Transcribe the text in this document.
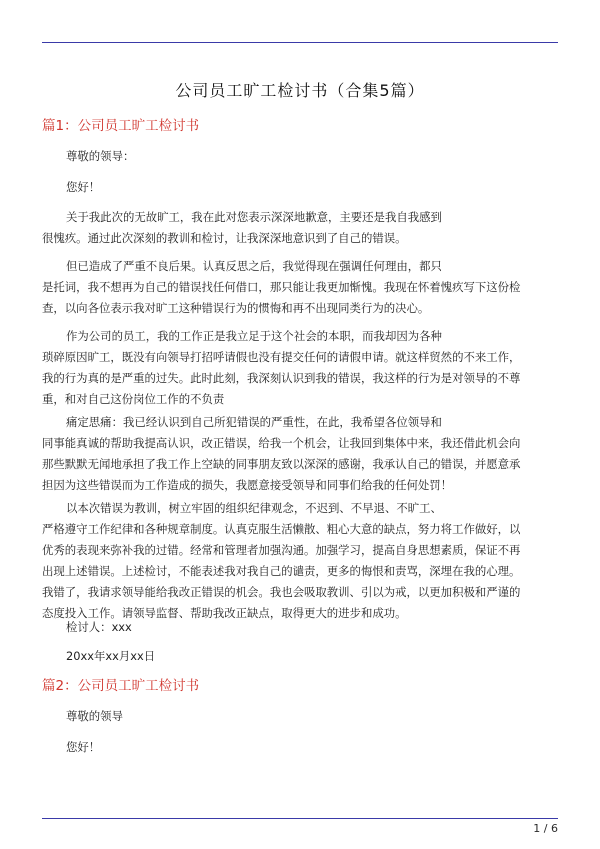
公司员工旷工检讨书（合集5篇）
篇1：公司员工旷工检讨书

尊敬的领导：

您好！

关于我此次的无故旷工，我在此对您表示深深地歉意，主要还是我自我感到
很愧疚。通过此次深刻的教训和检讨，让我深深地意识到了自己的错误。

但已造成了严重不良后果。认真反思之后，我觉得现在强调任何理由，都只
是托词，我不想再为自己的错误找任何借口，那只能让我更加惭愧。我现在怀着愧疚写下这份检
查，以向各位表示我对旷工这种错误行为的惯悔和再不出现同类行为的决心。

作为公司的员工，我的工作正是我立足于这个社会的本职，而我却因为各种
琐碎原因旷工，既没有向领导打招呼请假也没有提交任何的请假申请。就这样贸然的不来工作，
我的行为真的是严重的过失。此时此刻，我深刻认识到我的错误，我这样的行为是对领导的不尊
重，和对自己这份岗位工作的不负责

痛定思痛：我已经认识到自己所犯错误的严重性，在此，我希望各位领导和
同事能真诚的帮助我提高认识，改正错误，给我一个机会，让我回到集体中来，我还借此机会向
那些默默无闻地承担了我工作上空缺的同事朋友致以深深的感谢，我承认自己的错误，并愿意承
担因为这些错误而为工作造成的损失，我愿意接受领导和同事们给我的任何处罚！

以本次错误为教训，树立牢固的组织纪律观念，不迟到、不早退、不旷工、
严格遵守工作纪律和各种规章制度。认真克服生活懒散、粗心大意的缺点，努力将工作做好，以
优秀的表现来弥补我的过错。经常和管理者加强沟通。加强学习，提高自身思想素质，保证不再
出现上述错误。上述检讨，不能表述我对我自己的谴责，更多的悔恨和责骂，深埋在我的心理。
我错了，我请求领导能给我改正错误的机会。我也会吸取教训、引以为戒，以更加积极和严谨的
态度投入工作。请领导监督、帮助我改正缺点，取得更大的进步和成功。

检讨人：xxx

20xx年xx月xx日

篇2：公司员工旷工检讨书

尊敬的领导

您好！

1 / 6
